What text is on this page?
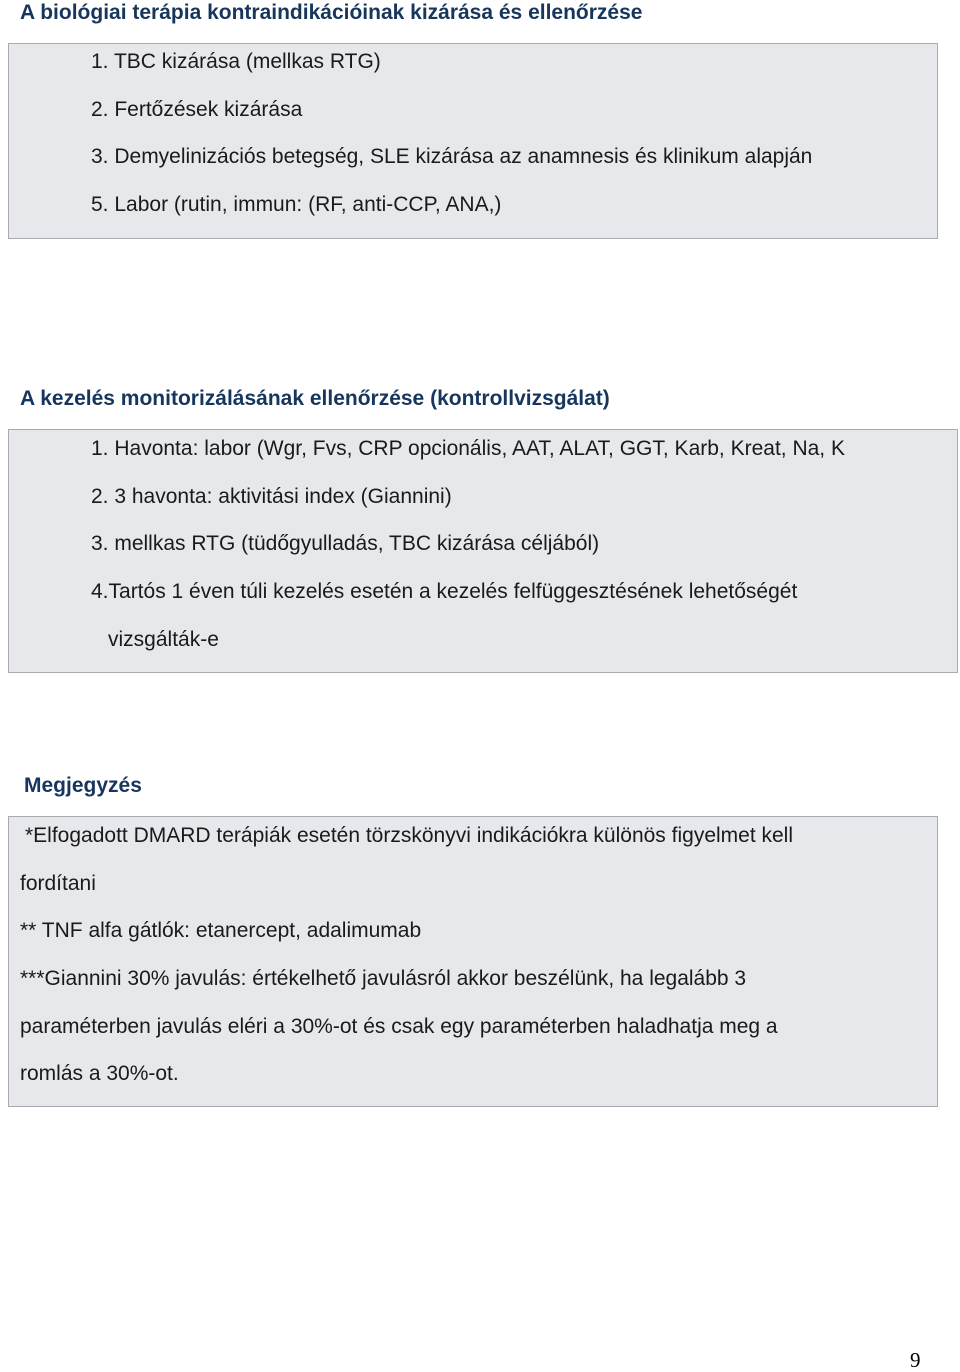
A biológiai terápia kontraindikációinak kizárása és ellenőrzése
1. TBC kizárása (mellkas RTG)
2. Fertőzések kizárása
3. Demyelinizációs betegség, SLE kizárása az anamnesis és klinikum alapján
5. Labor (rutin, immun: (RF, anti-CCP, ANA,)
A kezelés monitorizálásának ellenőrzése (kontrollvizsgálat)
1. Havonta: labor (Wgr, Fvs, CRP opcionális, AAT, ALAT, GGT, Karb, Kreat, Na, K
2. 3 havonta: aktivitási index (Giannini)
3. mellkas RTG (tüdőgyulladás, TBC kizárása céljából)
4.Tartós 1 éven túli kezelés esetén a kezelés felfüggesztésének lehetőségét
vizsgálták-e
Megjegyzés
*Elfogadott DMARD terápiák esetén törzskönyvi indikációkra különös figyelmet kell
fordítani
** TNF alfa gátlók: etanercept, adalimumab
***Giannini 30% javulás: értékelhető javulásról akkor beszélünk, ha legalább 3
paraméterben javulás eléri a 30%-ot és csak egy paraméterben haladhatja meg a
romlás a 30%-ot.
9
